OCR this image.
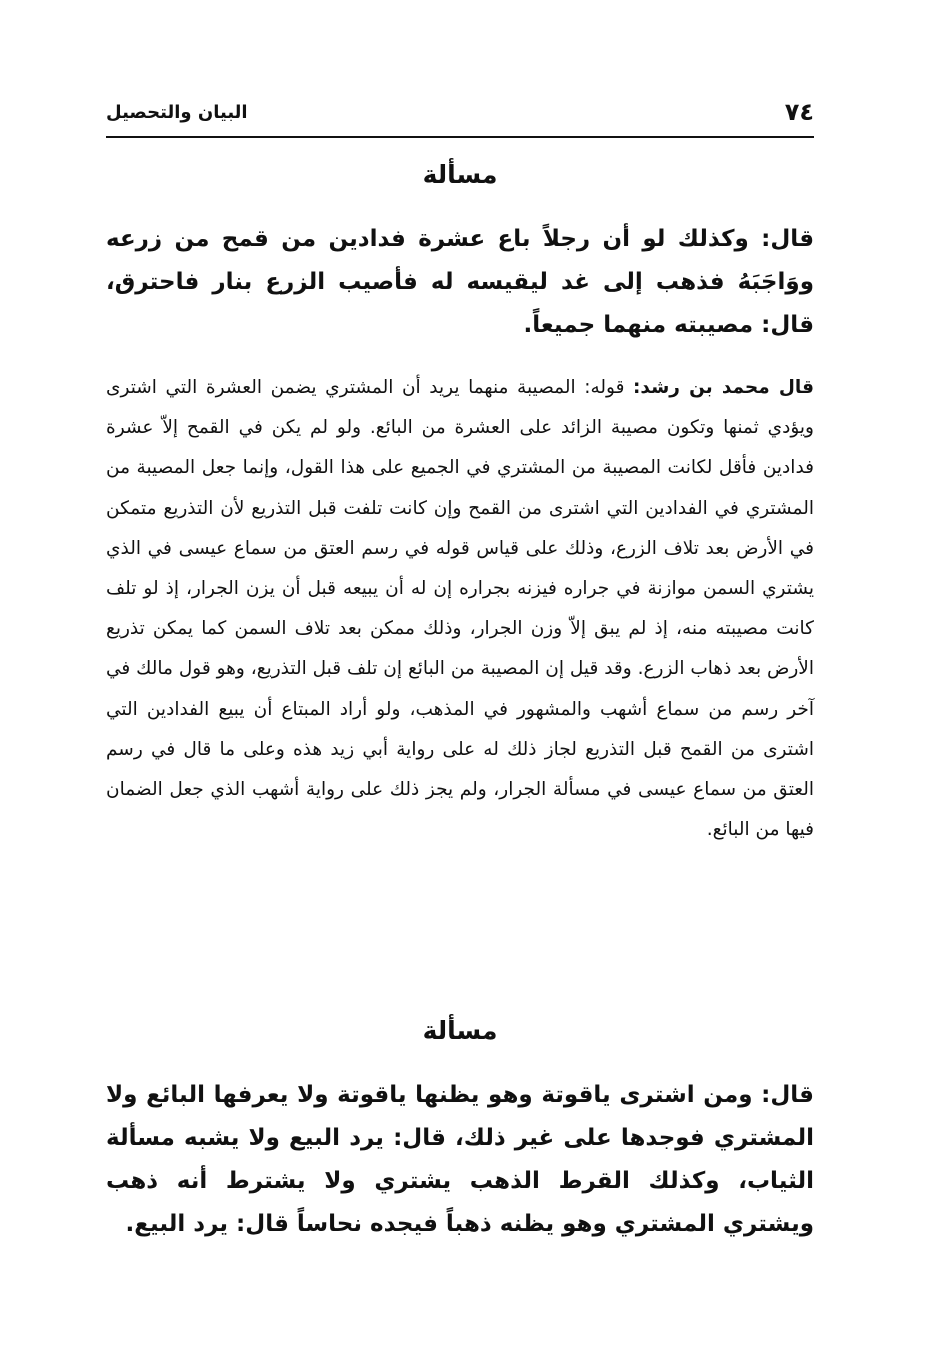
٧٤
البيان والتحصيل
مسألة

قال: وكذلك لو أن رجلاً باع عشرة فدادين من قمح من زرعه ووَاجَبَهُ فذهب إلى غد ليقيسه له فأصيب الزرع بنار فاحترق، قال: مصيبته منهما جميعاً.

قال محمد بن رشد: قوله: المصيبة منهما يريد أن المشتري يضمن العشرة التي اشترى ويؤدي ثمنها وتكون مصيبة الزائد على العشرة من البائع. ولو لم يكن في القمح إلاّ عشرة فدادين فأقل لكانت المصيبة من المشتري في الجميع على هذا القول، وإنما جعل المصيبة من المشتري في الفدادين التي اشترى من القمح وإن كانت تلفت قبل التذريع لأن التذريع متمكن في الأرض بعد تلاف الزرع، وذلك على قياس قوله في رسم العتق من سماع عيسى في الذي يشتري السمن موازنة في جراره فيزنه بجراره إن له أن يبيعه قبل أن يزن الجرار، إذ لو تلف كانت مصيبته منه، إذ لم يبق إلاّ وزن الجرار، وذلك ممكن بعد تلاف السمن كما يمكن تذريع الأرض بعد ذهاب الزرع. وقد قيل إن المصيبة من البائع إن تلف قبل التذريع، وهو قول مالك في آخر رسم من سماع أشهب والمشهور في المذهب، ولو أراد المبتاع أن يبيع الفدادين التي اشترى من القمح قبل التذريع لجاز ذلك له على رواية أبي زيد هذه وعلى ما قال في رسم العتق من سماع عيسى في مسألة الجرار، ولم يجز ذلك على رواية أشهب الذي جعل الضمان فيها من البائع.

مسألة

قال: ومن اشترى ياقوتة وهو يظنها ياقوتة ولا يعرفها البائع ولا المشتري فوجدها على غير ذلك، قال: يرد البيع ولا يشبه مسألة الثياب، وكذلك القرط الذهب يشتري ولا يشترط أنه ذهب ويشتري المشتري وهو يظنه ذهباً فيجده نحاساً قال: يرد البيع.
